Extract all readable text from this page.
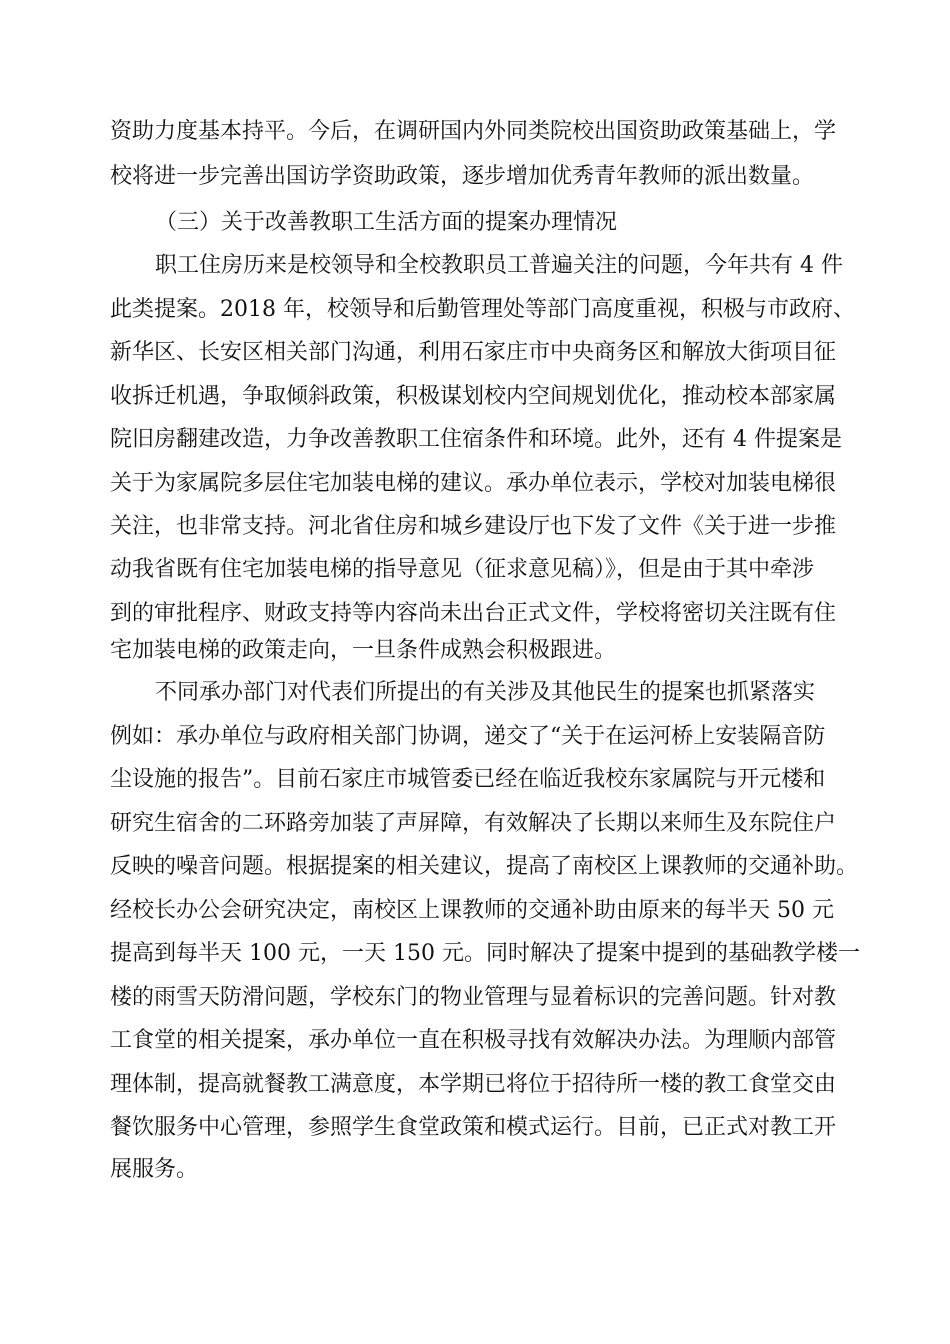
资助力度基本持平。今后，在调研国内外同类院校出国资助政策基础上，学
校将进一步完善出国访学资助政策，逐步增加优秀青年教师的派出数量。
（三）关于改善教职工生活方面的提案办理情况
职工住房历来是校领导和全校教职员工普遍关注的问题，今年共有 4 件
此类提案。2018 年，校领导和后勤管理处等部门高度重视，积极与市政府、
新华区、长安区相关部门沟通，利用石家庄市中央商务区和解放大街项目征
收拆迁机遇，争取倾斜政策，积极谋划校内空间规划优化，推动校本部家属
院旧房翻建改造，力争改善教职工住宿条件和环境。此外，还有 4 件提案是
关于为家属院多层住宅加装电梯的建议。承办单位表示，学校对加装电梯很
关注，也非常支持。河北省住房和城乡建设厅也下发了文件《关于进一步推
动我省既有住宅加装电梯的指导意见（征求意见稿）》，但是由于其中牵涉
到的审批程序、财政支持等内容尚未出台正式文件，学校将密切关注既有住
宅加装电梯的政策走向，一旦条件成熟会积极跟进。
不同承办部门对代表们所提出的有关涉及其他民生的提案也抓紧落实
例如：承办单位与政府相关部门协调，递交了“关于在运河桥上安装隔音防
尘设施的报告”。目前石家庄市城管委已经在临近我校东家属院与开元楼和
研究生宿舍的二环路旁加装了声屏障，有效解决了长期以来师生及东院住户
反映的噪音问题。根据提案的相关建议，提高了南校区上课教师的交通补助。
经校长办公会研究决定，南校区上课教师的交通补助由原来的每半天 50 元
提高到每半天 100 元，一天 150 元。同时解决了提案中提到的基础教学楼一
楼的雨雪天防滑问题，学校东门的物业管理与显着标识的完善问题。针对教
工食堂的相关提案，承办单位一直在积极寻找有效解决办法。为理顺内部管
理体制，提高就餐教工满意度，本学期已将位于招待所一楼的教工食堂交由
餐饮服务中心管理，参照学生食堂政策和模式运行。目前，已正式对教工开
展服务。
